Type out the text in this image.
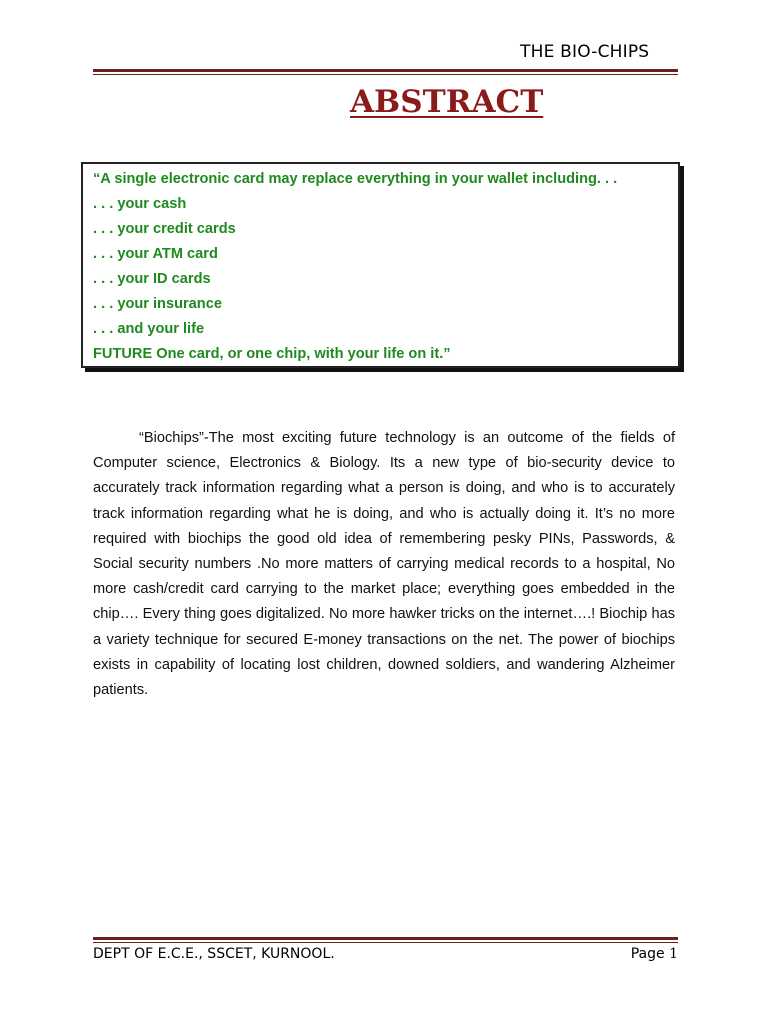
THE BIO-CHIPS
ABSTRACT
“A single electronic card may replace everything in your wallet including. . .
. . . your cash
. . . your credit cards
. . . your ATM card
. . . your ID cards
. . . your insurance
. . . and your life
FUTURE One card, or one chip, with your life on it.”
“Biochips”-The most exciting future technology is an outcome of the fields of Computer science, Electronics & Biology. Its a new type of bio-security device to accurately track information regarding what a person is doing, and who is to accurately track information regarding what he is doing, and who is actually doing it. It’s no more required with biochips the good old idea of remembering pesky PINs, Passwords, & Social security numbers .No more matters of carrying medical records to a hospital, No more cash/credit card carrying to the market place; everything goes embedded in the chip…. Every thing goes digitalized. No more hawker tricks on the internet….! Biochip has a variety technique for secured E-money transactions on the net. The power of biochips exists in capability of locating lost children, downed soldiers, and wandering Alzheimer patients.
DEPT OF E.C.E., SSCET, KURNOOL.	Page 1
